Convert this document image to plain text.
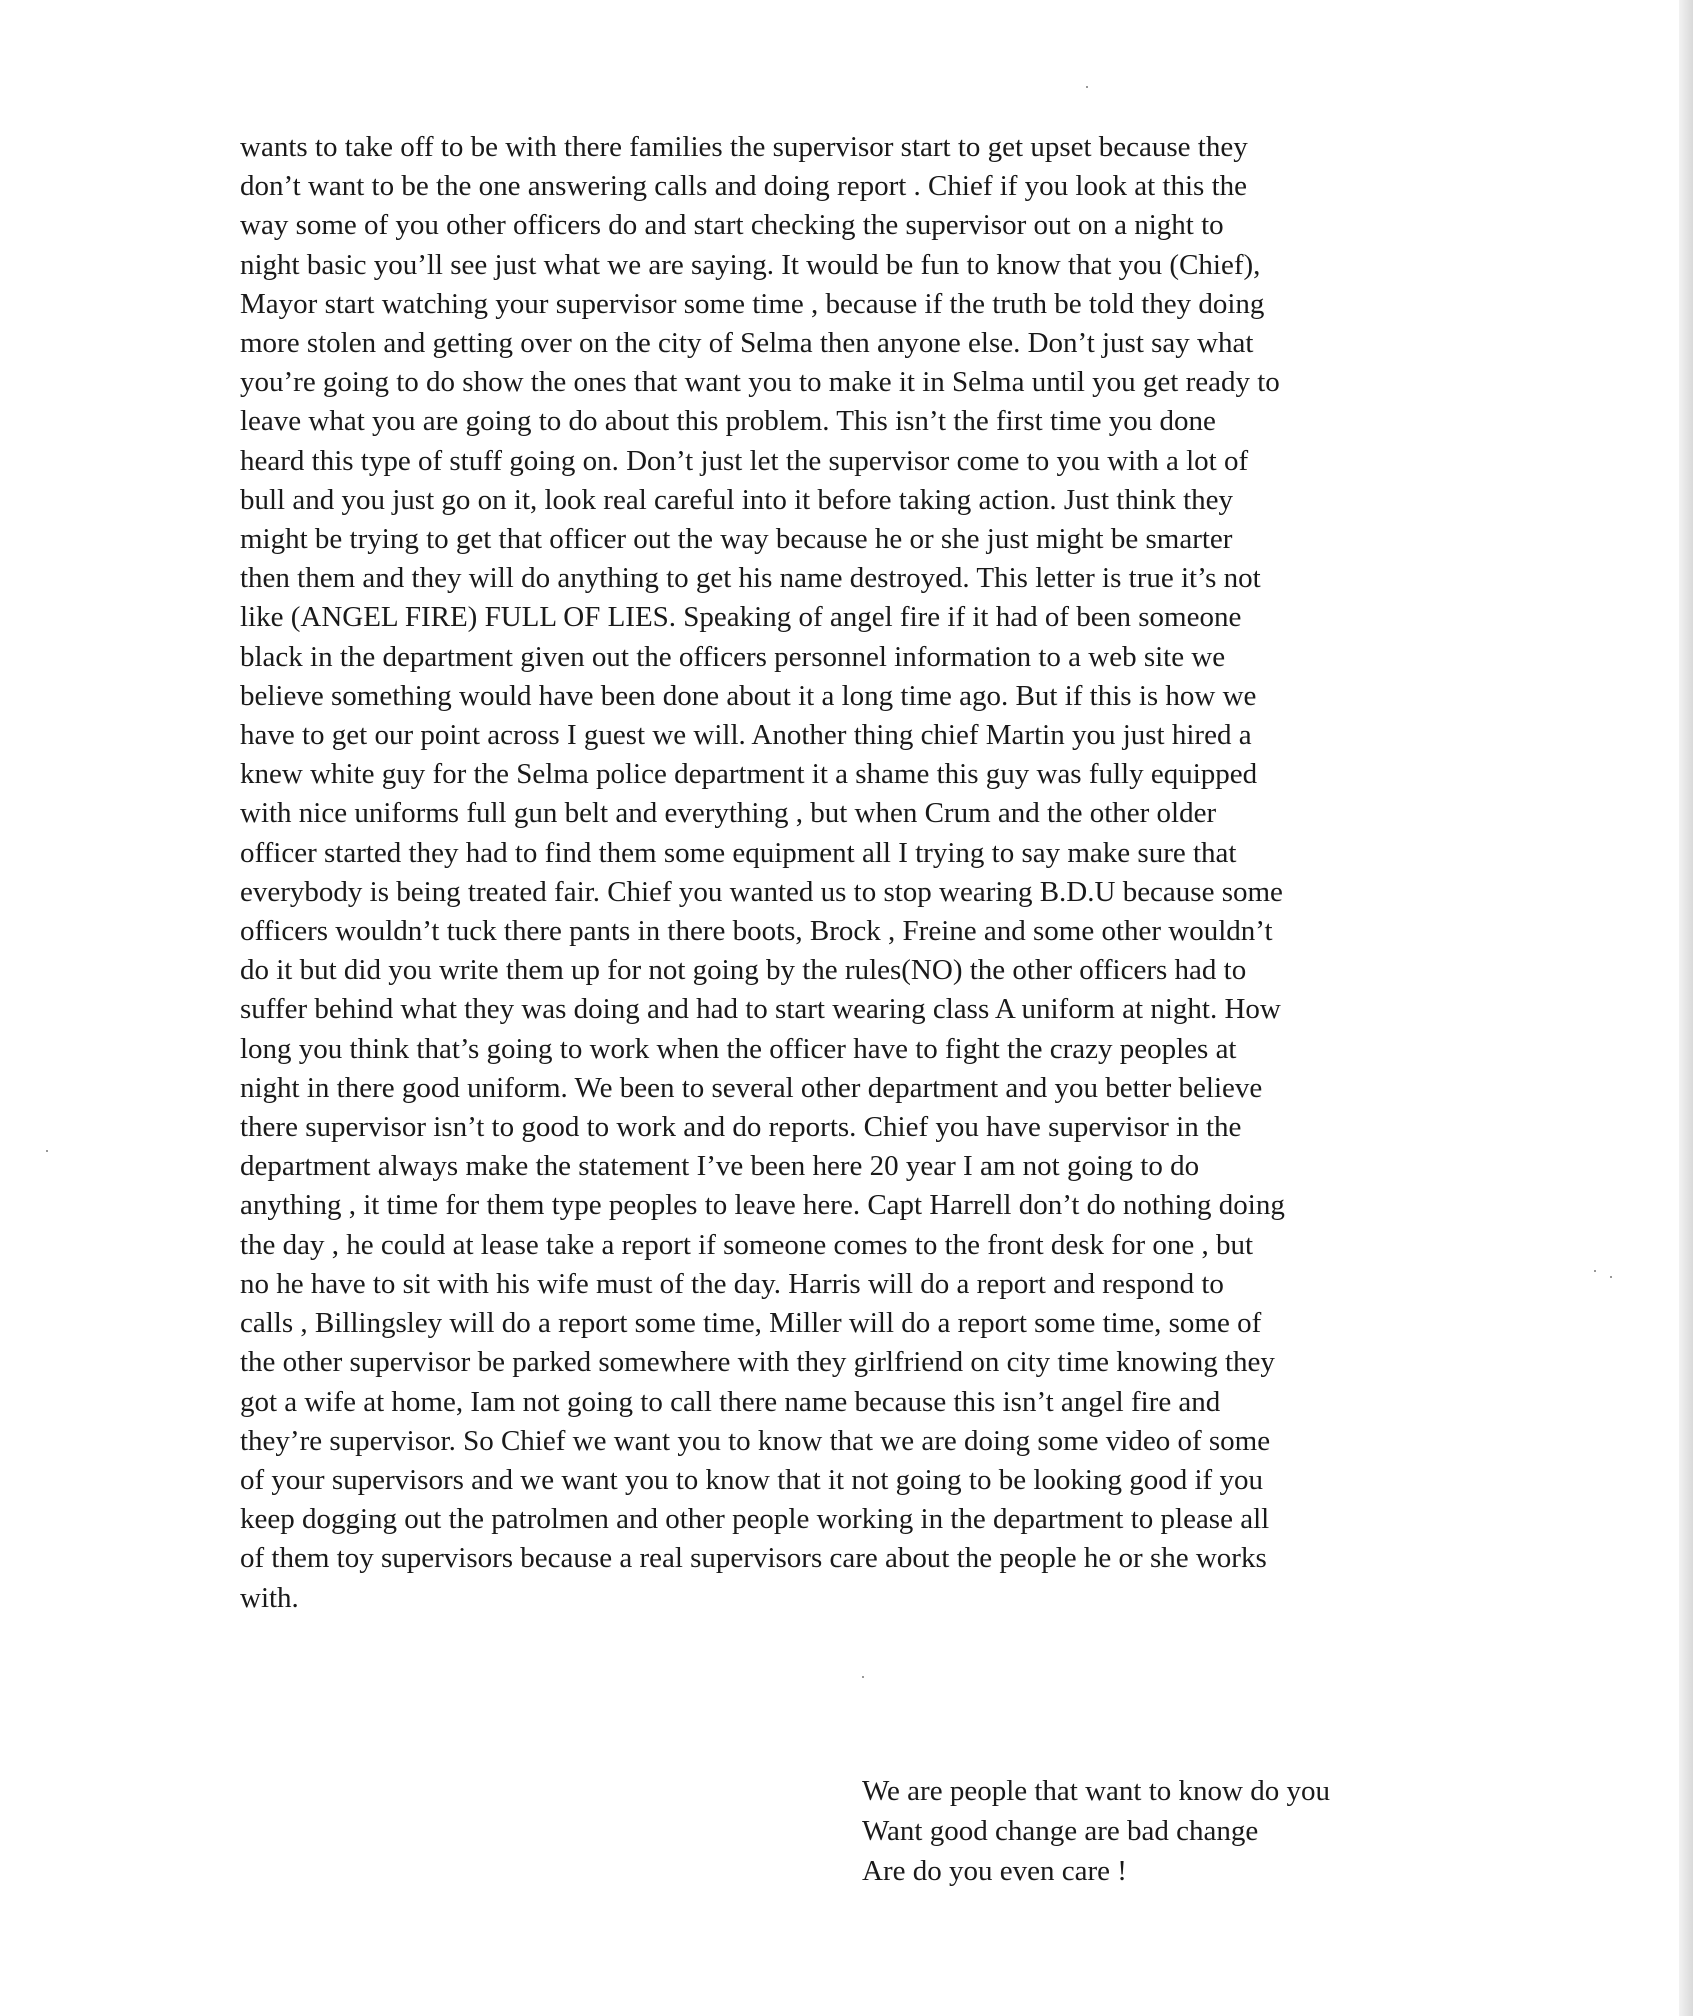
wants to take off to be with there families the supervisor start to get upset because they
don’t want to be the one answering calls and doing report . Chief if you look at this the
way some of you other officers do and start checking the supervisor out on a night to
night basic you’ll see just what we are saying. It would be fun to know that you (Chief),
Mayor start watching your supervisor some time , because if the truth be told they doing
more stolen and getting over on the city of Selma then anyone else. Don’t just say what
you’re going to do show the ones that want you to make it in Selma until you get ready to
leave what you are going to do about this problem. This isn’t the first time you done
heard this type of stuff going on. Don’t just let the supervisor come to you with a lot of
bull and you just go on it, look real careful into it before taking action. Just think they
might be trying to get that officer out the way because he or she just might be smarter
then them and they will do anything to get his name destroyed. This letter is true it’s not
like (ANGEL FIRE) FULL OF LIES. Speaking of angel fire if it had of been someone
black in the department given out the officers personnel information to a web site we
believe something would have been done about it a long time ago. But if this is how we
have to get our point across I guest we will. Another thing chief Martin you just hired a
knew white guy for the Selma police department it a shame this guy was fully equipped
with nice uniforms full gun belt and everything , but when Crum and the other older
officer started they had to find them some equipment all I trying to say make sure that
everybody is being treated fair. Chief you wanted us to stop wearing B.D.U because some
officers wouldn’t tuck there pants in there boots, Brock , Freine and some other wouldn’t
do it but did you write them up for not going by the rules(NO) the other officers had to
suffer behind what they was doing and had to start wearing class A uniform at night. How
long you think that’s going to work when the officer have to fight the crazy peoples at
night in there good uniform. We been to several other department and you better believe
there supervisor isn’t to good to work and do reports. Chief you have supervisor in the
department always make the statement I’ve been here 20 year I am not going to do
anything , it time for them type peoples to leave here. Capt Harrell don’t do nothing doing
the day , he could at lease take a report if someone comes to the front desk for one , but
no he have to sit with his wife must of the day. Harris will do a report and respond to
calls , Billingsley will do a report some time, Miller will do a report some time, some of
the other supervisor be parked somewhere with they girlfriend on city time knowing they
got a wife at home, Iam not going to call there name because this isn’t angel fire and
they’re supervisor. So Chief we want you to know that we are doing some video of some
of your supervisors and we want you to know that it not going to be looking good if you
keep dogging out the patrolmen and other people working in the department to please all
of them toy supervisors because a real supervisors care about the people he or she works
with.
We are people that want to know do you
Want good change are bad change
Are do you even care !
